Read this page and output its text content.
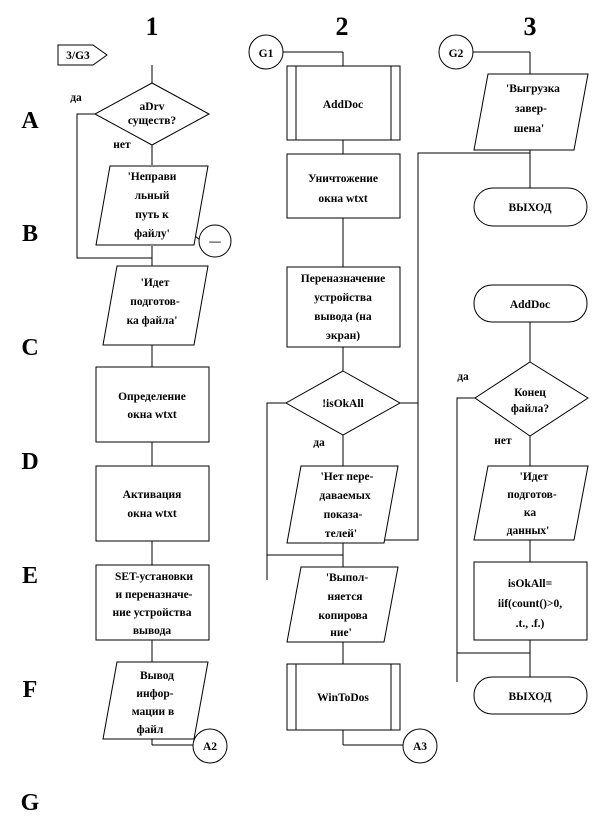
1	2	3
A
B
C
D
E
F
G
3/G3
aDrv
существ?
да
нет
'Неправи
льный
путь к
файлу'
—
'Идет
подготов-
ка файла'
Определение
окна wtxt
Активация
окна wtxt
SET-установки
и переназначе-
ние устройства
вывода
Вывод
инфор-
мации в
файл
A2
G1
AddDoc
Уничтожение
окна wtxt
Переназначение
устройства
вывода (на
экран)
!isOkAll
да
'Нет пере-
даваемых
показа-
телей'
'Выпол-
няется
копирова
ние'
WinToDos
A3
G2
'Выгрузка
завер-
шена'
ВЫХОД
AddDoc
да
Конец
файла?
нет
'Идет
подготов-
ка
данных'
isOkAll=
iif(count()>0,
.t., .f.)
ВЫХОД
